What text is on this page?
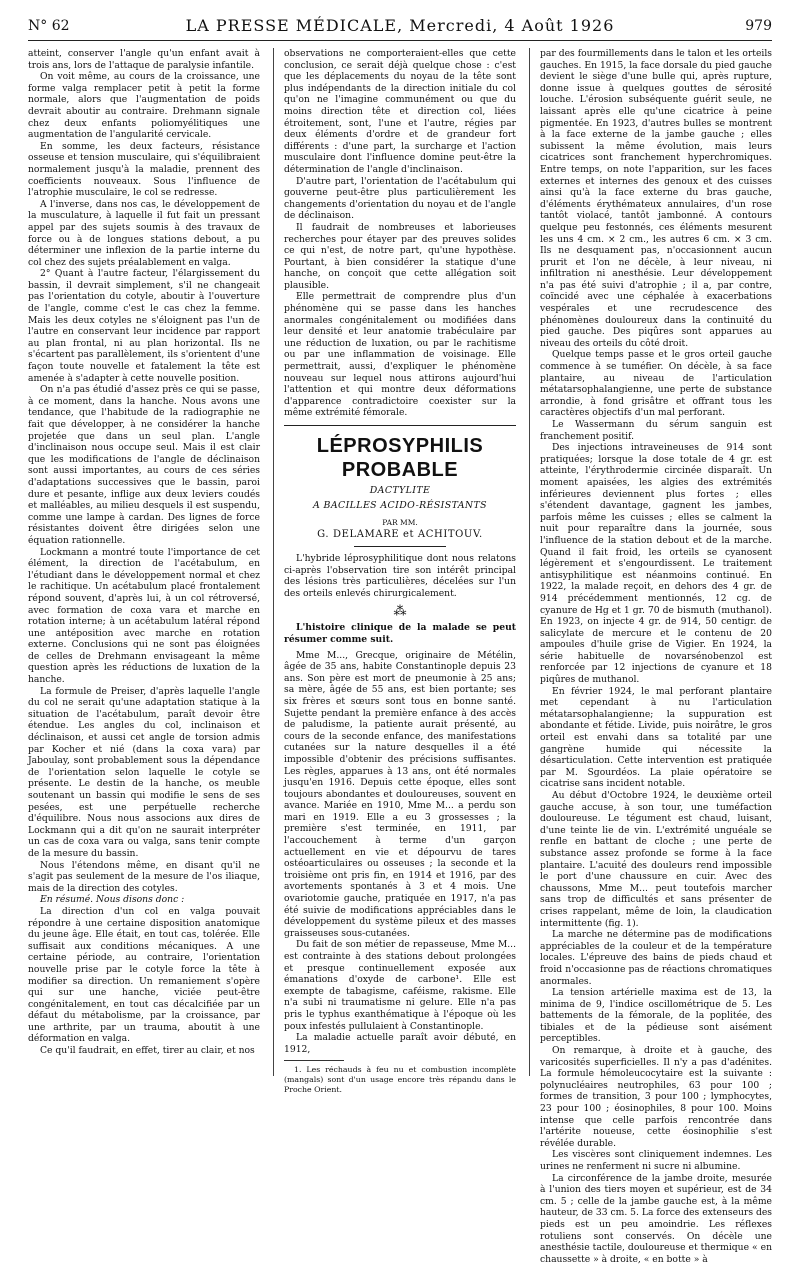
N° 62	LA PRESSE MÉDICALE, Mercredi, 4 Août 1926	979

atteint, conserver l'angle qu'un enfant avait à trois ans, lors de l'attaque de paralysie infantile.

On voit même, au cours de la croissance, une forme valga remplacer petit à petit la forme normale, alors que l'augmentation de poids devrait aboutir au contraire. Drehmann signale chez deux enfants poliomyélitiques une augmentation de l'angularité cervicale.

En somme, les deux facteurs, résistance osseuse et tension musculaire, qui s'équilibraient normalement jusqu'à la maladie, prennent des coefficients nouveaux. Sous l'influence de l'atrophie musculaire, le col se redresse.

A l'inverse, dans nos cas, le développement de la musculature, à laquelle il fut fait un pressant appel par des sujets soumis à des travaux de force ou à de longues stations debout, a pu déterminer une inflexion de la partie interne du col chez des sujets préalablement en valga.

2° Quant à l'autre facteur, l'élargissement du bassin, il devrait simplement, s'il ne changeait pas l'orientation du cotyle, aboutir à l'ouverture de l'angle, comme c'est le cas chez la femme. Mais les deux cotyles ne s'éloignent pas l'un de l'autre en conservant leur incidence par rapport au plan frontal, ni au plan horizontal. Ils ne s'écartent pas parallèlement, ils s'orientent d'une façon toute nouvelle et fatalement la tête est amenée à s'adapter à cette nouvelle position.

On n'a pas étudié d'assez près ce qui se passe, à ce moment, dans la hanche. Nous avons une tendance, que l'habitude de la radiographie ne fait que développer, à ne considérer la hanche projetée que dans un seul plan. L'angle d'inclinaison nous occupe seul. Mais il est clair que les modifications de l'angle de déclinaison sont aussi importantes, au cours de ces séries d'adaptations successives que le bassin, paroi dure et pesante, inflige aux deux leviers coudés et malléables, au milieu desquels il est suspendu, comme une lampe à cardan. Des lignes de force résistantes doivent être dirigées selon une équation rationnelle.

Lockmann a montré toute l'importance de cet élément, la direction de l'acétabulum, en l'étudiant dans le développement normal et chez le rachitique. Un acétabulum placé frontalement répond souvent, d'après lui, à un col rétroversé, avec formation de coxa vara et marche en rotation interne; à un acétabulum latéral répond une antéposition avec marche en rotation externe. Conclusions qui ne sont pas éloignées de celles de Drehmann envisageant la même question après les réductions de luxation de la hanche.

La formule de Preiser, d'après laquelle l'angle du col ne serait qu'une adaptation statique à la situation de l'acétabulum, paraît devoir être étendue. Les angles du col, inclinaison et déclinaison, et aussi cet angle de torsion admis par Kocher et nié (dans la coxa vara) par Jaboulay, sont probablement sous la dépendance de l'orientation selon laquelle le cotyle se présente. Le destin de la hanche, os meuble soutenant un bassin qui modifie le sens de ses pesées, est une perpétuelle recherche d'équilibre. Nous nous associons aux dires de Lockmann qui a dit qu'on ne saurait interpréter un cas de coxa vara ou valga, sans tenir compte de la mesure du bassin.

Nous l'étendons même, en disant qu'il ne s'agit pas seulement de la mesure de l'os iliaque, mais de la direction des cotyles.

En résumé. Nous disons donc :

La direction d'un col en valga pouvait répondre à une certaine disposition anatomique du jeune âge. Elle était, en tout cas, tolérée. Elle suffisait aux conditions mécaniques. A une certaine période, au contraire, l'orientation nouvelle prise par le cotyle force la tête à modifier sa direction. Un remaniement s'opère qui sur une hanche, viciée peut-être congénitalement, en tout cas décalcifiée par un défaut du métabolisme, par la croissance, par une arthrite, par un trauma, aboutit à une déformation en valga.

Ce qu'il faudrait, en effet, tirer au clair, et nos

observations ne comporteraient-elles que cette conclusion, ce serait déjà quelque chose : c'est que les déplacements du noyau de la tête sont plus indépendants de la direction initiale du col qu'on ne l'imagine communément ou que du moins direction tête et direction col, liées étroitement, sont, l'une et l'autre, régies par deux éléments d'ordre et de grandeur fort différents : d'une part, la surcharge et l'action musculaire dont l'influence domine peut-être la détermination de l'angle d'inclinaison.

D'autre part, l'orientation de l'acétabulum qui gouverne peut-être plus particulièrement les changements d'orientation du noyau et de l'angle de déclinaison.

Il faudrait de nombreuses et laborieuses recherches pour étayer par des preuves solides ce qui n'est, de notre part, qu'une hypothèse. Pourtant, à bien considérer la statique d'une hanche, on conçoit que cette allégation soit plausible.

Elle permettrait de comprendre plus d'un phénomène qui se passe dans les hanches anormales congénitalement ou modifiées dans leur densité et leur anatomie trabéculaire par une réduction de luxation, ou par le rachitisme ou par une inflammation de voisinage. Elle permettrait, aussi, d'expliquer le phénomène nouveau sur lequel nous attirons aujourd'hui l'attention et qui montre deux déformations d'apparence contradictoire coexister sur la même extrémité fémorale.

LÉPROSYPHILIS PROBABLE
DACTYLITE
A BACILLES ACIDO-RÉSISTANTS
PAR MM.
G. DELAMARE et ACHITOUV.

L'hybride léprosyphilitique dont nous relatons ci-après l'observation tire son intérêt principal des lésions très particulières, décelées sur l'un des orteils enlevés chirurgicalement.

⁂

L'histoire clinique de la malade se peut résumer comme suit.

Mme M..., Grecque, originaire de Métélin, âgée de 35 ans, habite Constantinople depuis 23 ans. Son père est mort de pneumonie à 25 ans; sa mère, âgée de 55 ans, est bien portante; ses six frères et sœurs sont tous en bonne santé. Sujette pendant la première enfance à des accès de paludisme, la patiente aurait présenté, au cours de la seconde enfance, des manifestations cutanées sur la nature desquelles il a été impossible d'obtenir des précisions suffisantes. Les règles, apparues à 13 ans, ont été normales jusqu'en 1916. Depuis cette époque, elles sont toujours abondantes et douloureuses, souvent en avance. Mariée en 1910, Mme M... a perdu son mari en 1919. Elle a eu 3 grossesses ; la première s'est terminée, en 1911, par l'accouchement à terme d'un garçon actuellement en vie et dépourvu de tares ostéoarticulaires ou osseuses ; la seconde et la troisième ont pris fin, en 1914 et 1916, par des avortements spontanés à 3 et 4 mois. Une ovariotomie gauche, pratiquée en 1917, n'a pas été suivie de modifications appréciables dans le développement du système pileux et des masses graisseuses sous-cutanées.

Du fait de son métier de repasseuse, Mme M... est contrainte à des stations debout prolongées et presque continuellement exposée aux émanations d'oxyde de carbone¹. Elle est exempte de tabagisme, caféisme, rakisme. Elle n'a subi ni traumatisme ni gelure. Elle n'a pas pris le typhus exanthématique à l'époque où les poux infestés pullulaient à Constantinople.

La maladie actuelle paraît avoir débuté, en 1912,

1. Les réchauds à feu nu et combustion incomplète (mangals) sont d'un usage encore très répandu dans le Proche Orient.

par des fourmillements dans le talon et les orteils gauches. En 1915, la face dorsale du pied gauche devient le siège d'une bulle qui, après rupture, donne issue à quelques gouttes de sérosité louche. L'érosion subséquente guérit seule, ne laissant après elle qu'une cicatrice à peine pigmentée. En 1923, d'autres bulles se montrent à la face externe de la jambe gauche ; elles subissent la même évolution, mais leurs cicatrices sont franchement hyperchromiques. Entre temps, on note l'apparition, sur les faces externes et internes des genoux et des cuisses ainsi qu'à la face externe du bras gauche, d'éléments érythémateux annulaires, d'un rose tantôt violacé, tantôt jambonné. A contours quelque peu festonnés, ces éléments mesurent les uns 4 cm. × 2 cm., les autres 6 cm. × 3 cm. Ils ne desquament pas, n'occasionnent aucun prurit et l'on ne décèle, à leur niveau, ni infiltration ni anesthésie. Leur développement n'a pas été suivi d'atrophie ; il a, par contre, coïncidé avec une céphalée à exacerbations vespérales et une recrudescence des phénomènes douloureux dans la continuité du pied gauche. Des piqûres sont apparues au niveau des orteils du côté droit.

Quelque temps passe et le gros orteil gauche commence à se tuméfier. On décèle, à sa face plantaire, au niveau de l'articulation métatarsophalangienne, une perte de substance arrondie, à fond grisâtre et offrant tous les caractères objectifs d'un mal perforant.

Le Wassermann du sérum sanguin est franchement positif.

Des injections intraveineuses de 914 sont pratiquées; lorsque la dose totale de 4 gr. est atteinte, l'érythrodermie circinée disparaît. Un moment apaisées, les algies des extrémités inférieures deviennent plus fortes ; elles s'étendent davantage, gagnent les jambes, parfois même les cuisses ; elles se calment la nuit pour reparaître dans la journée, sous l'influence de la station debout et de la marche. Quand il fait froid, les orteils se cyanosent légèrement et s'engourdissent. Le traitement antisyphilitique est néanmoins continué. En 1922, la malade reçoit, en dehors des 4 gr. de 914 précédemment mentionnés, 12 cg. de cyanure de Hg et 1 gr. 70 de bismuth (muthanol). En 1923, on injecte 4 gr. de 914, 50 centigr. de salicylate de mercure et le contenu de 20 ampoules d'huile grise de Vigier. En 1924, la série habituelle de novarsénobenzol est renforcée par 12 injections de cyanure et 18 piqûres de muthanol.

En février 1924, le mal perforant plantaire met cependant à nu l'articulation métatarsophalangienne; la suppuration est abondante et fétide. Livide, puis noirâtre, le gros orteil est envahi dans sa totalité par une gangrène humide qui nécessite la désarticulation. Cette intervention est pratiquée par M. Sgourdéos. La plaie opératoire se cicatrise sans incident notable.

Au début d'Octobre 1924, le deuxième orteil gauche accuse, à son tour, une tuméfaction douloureuse. Le tégument est chaud, luisant, d'une teinte lie de vin. L'extrémité unguéale se renfle en battant de cloche ; une perte de substance assez profonde se forme à la face plantaire. L'acuité des douleurs rend impossible le port d'une chaussure en cuir. Avec des chaussons, Mme M... peut toutefois marcher sans trop de difficultés et sans présenter de crises rappelant, même de loin, la claudication intermittente (fig. 1).

La marche ne détermine pas de modifications appréciables de la couleur et de la température locales. L'épreuve des bains de pieds chaud et froid n'occasionne pas de réactions chromatiques anormales.

La tension artérielle maxima est de 13, la minima de 9, l'indice oscillométrique de 5. Les battements de la fémorale, de la poplitée, des tibiales et de la pédieuse sont aisément perceptibles.

On remarque, à droite et à gauche, des varicosités superficielles. Il n'y a pas d'adénites. La formule hémoleucocytaire est la suivante : polynucléaires neutrophiles, 63 pour 100 ; formes de transition, 3 pour 100 ; lymphocytes, 23 pour 100 ; éosinophiles, 8 pour 100. Moins intense que celle parfois rencontrée dans l'artérite noueuse, cette éosinophilie s'est révélée durable.

Les viscères sont cliniquement indemnes. Les urines ne renferment ni sucre ni albumine.

La circonférence de la jambe droite, mesurée à l'union des tiers moyen et supérieur, est de 34 cm. 5 ; celle de la jambe gauche est, à la même hauteur, de 33 cm. 5. La force des extenseurs des pieds est un peu amoindrie. Les réflexes rotuliens sont conservés. On décèle une anesthésie tactile, douloureuse et thermique « en chaussette » à droite, « en botte » à
